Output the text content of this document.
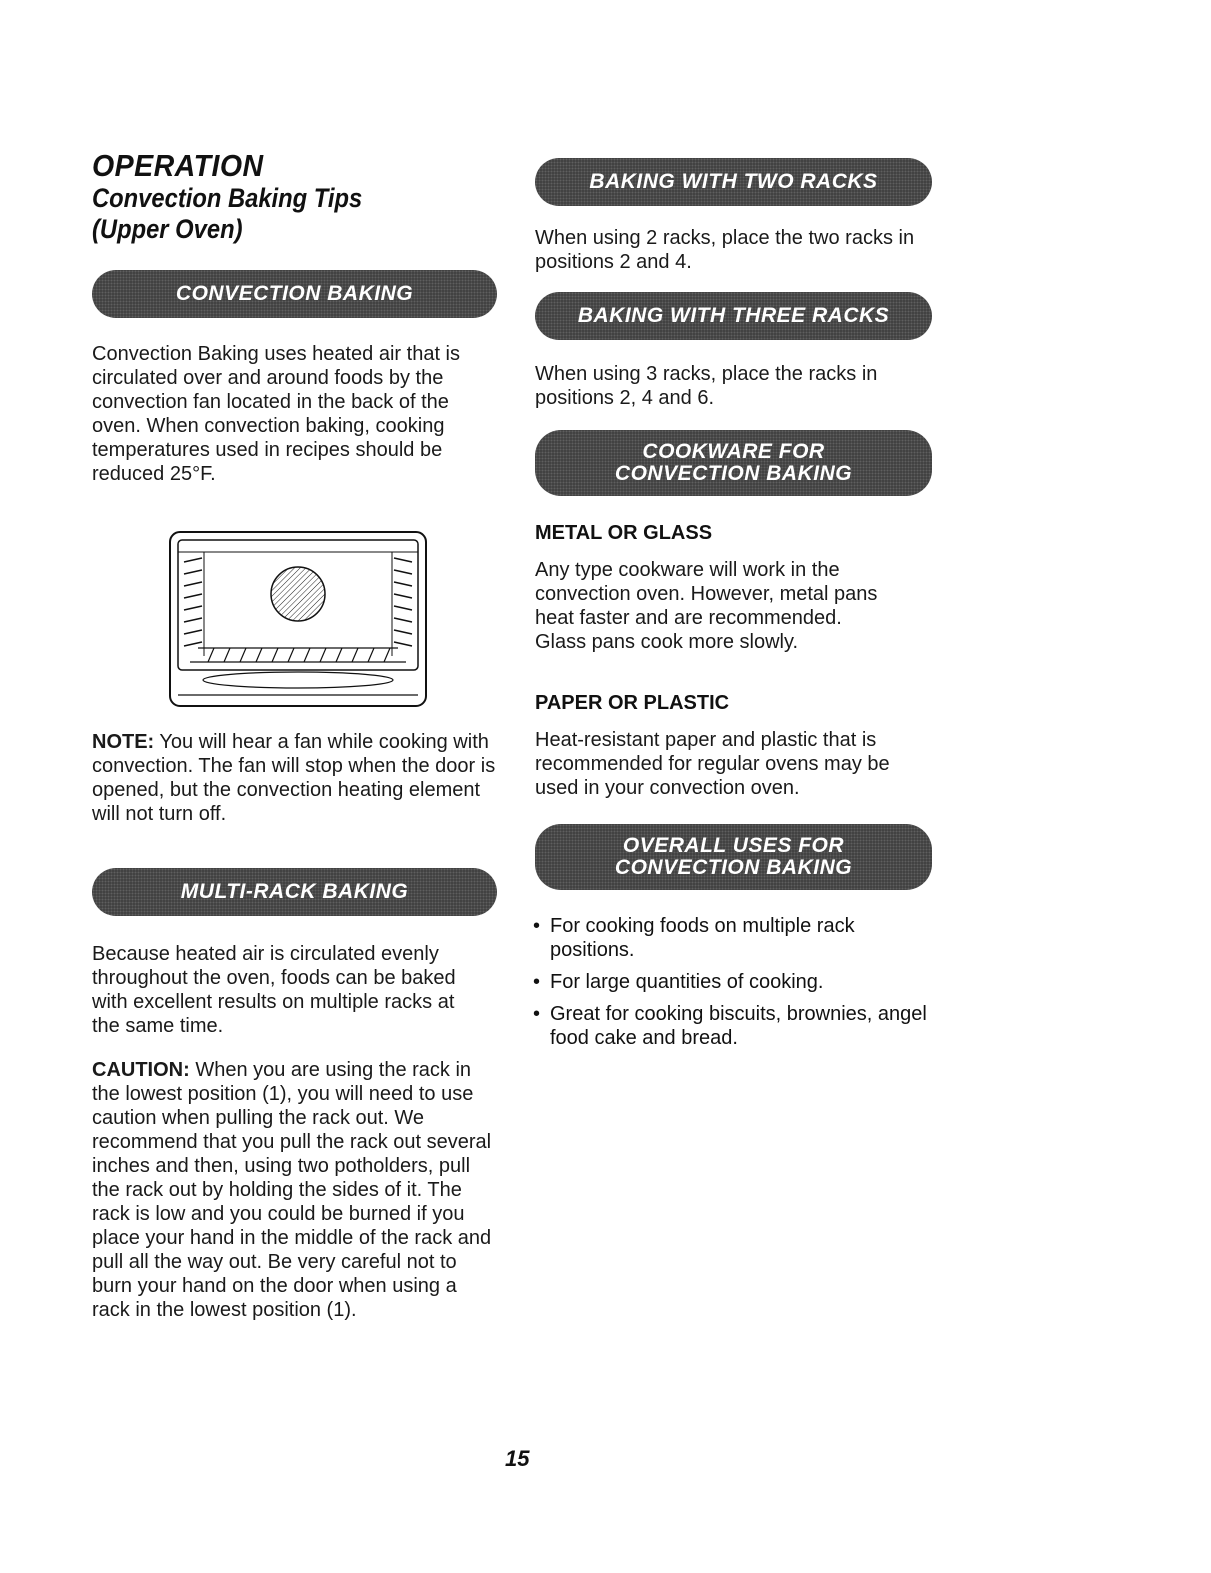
OPERATION
Convection Baking Tips
(Upper Oven)
CONVECTION BAKING

Convection Baking uses heated air that is circulated over and around foods by the convection fan located in the back of the oven. When convection baking, cooking temperatures used in recipes should be reduced 25°F.

NOTE: You will hear a fan while cooking with convection. The fan will stop when the door is opened, but the convection heating element will not turn off.

MULTI-RACK BAKING

Because heated air is circulated evenly throughout the oven, foods can be baked with excellent results on multiple racks at the same time.

CAUTION: When you are using the rack in the lowest position (1), you will need to use caution when pulling the rack out. We recommend that you pull the rack out several inches and then, using two potholders, pull the rack out by holding the sides of it. The rack is low and you could be burned if you place your hand in the middle of the rack and pull all the way out. Be very careful not to burn your hand on the door when using a rack in the lowest position (1).

BAKING WITH TWO RACKS

When using 2 racks, place the two racks in positions 2 and 4.

BAKING WITH THREE RACKS

When using 3 racks, place the racks in positions 2, 4 and 6.

COOKWARE FOR
CONVECTION BAKING
METAL OR GLASS

Any type cookware will work in the convection oven. However, metal pans heat faster and are recommended. Glass pans cook more slowly.

PAPER OR PLASTIC

Heat-resistant paper and plastic that is recommended for regular ovens may be used in your convection oven.

OVERALL USES FOR
CONVECTION BAKING
• For cooking foods on multiple rack positions.
• For large quantities of cooking.
• Great for cooking biscuits, brownies, angel food cake and bread.
15
